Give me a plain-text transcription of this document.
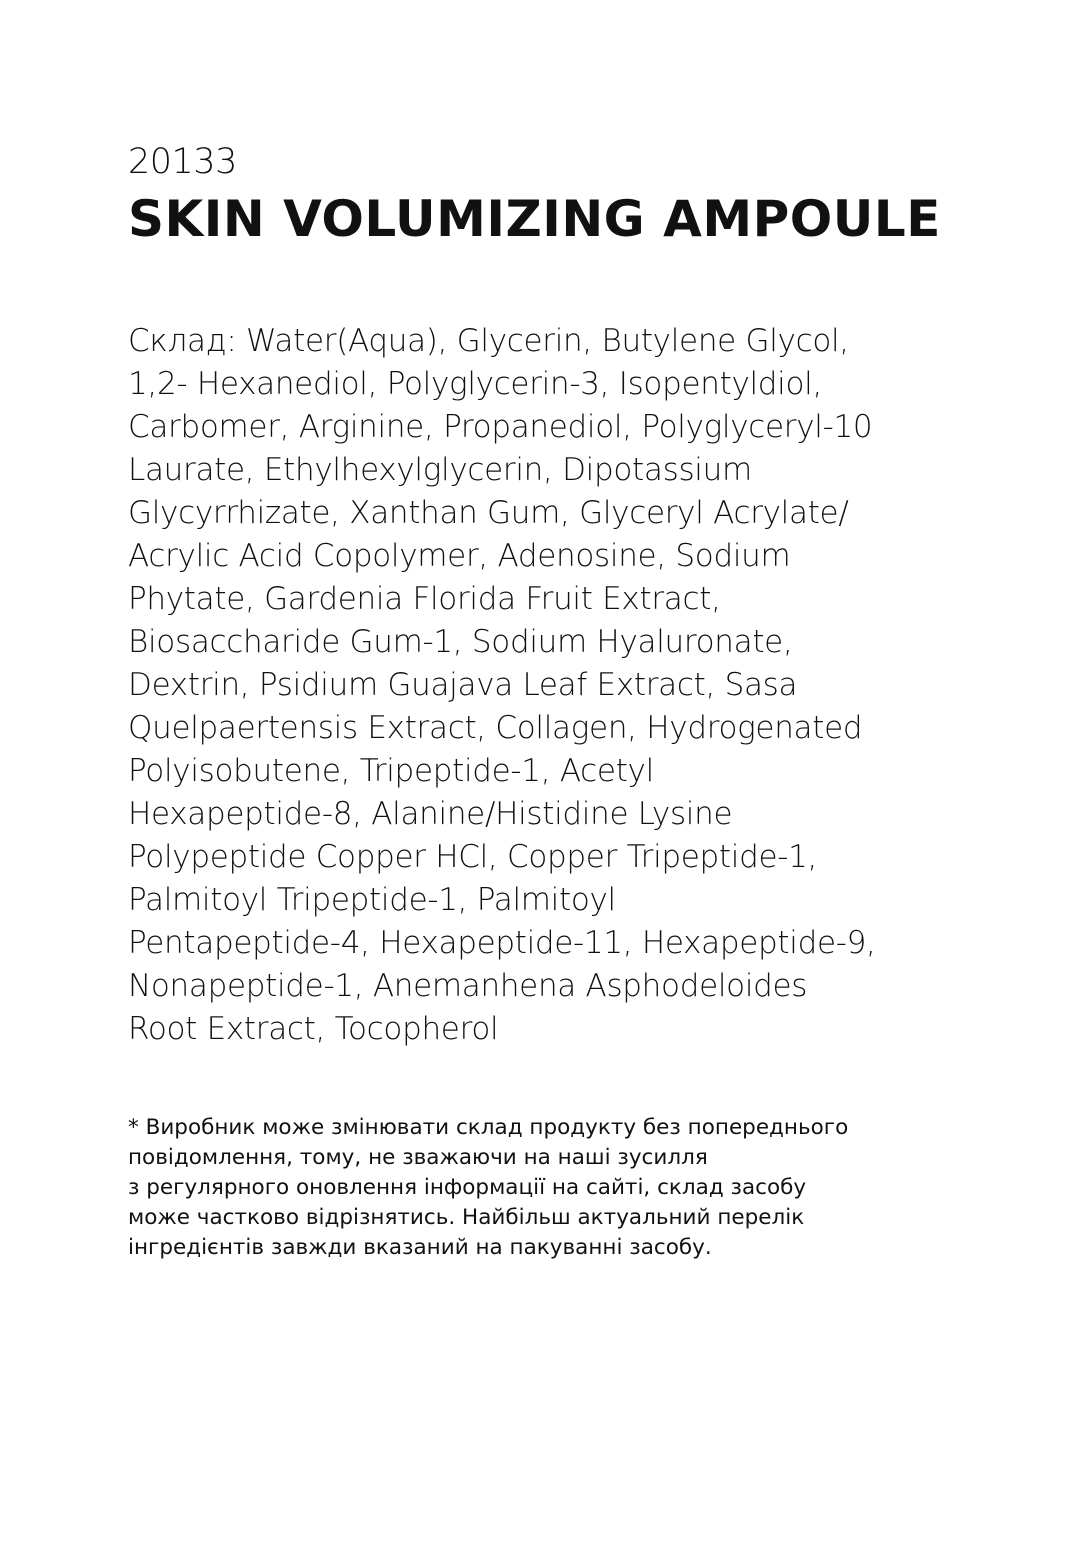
20133
SKIN VOLUMIZING AMPOULE
Склад: Water(Aqua), Glycerin, Butylene Glycol,
1,2- Hexanediol, Polyglycerin-3, Isopentyldiol,
Carbomer, Arginine, Propanediol, Polyglyceryl-10
Laurate, Ethylhexylglycerin, Dipotassium
Glycyrrhizate, Xanthan Gum, Glyceryl Acrylate/
Acrylic Acid Copolymer, Adenosine, Sodium
Phytate, Gardenia Florida Fruit Extract,
Biosaccharide Gum-1, Sodium Hyaluronate,
Dextrin, Psidium Guajava Leaf Extract, Sasa
Quelpaertensis Extract, Collagen, Hydrogenated
Polyisobutene, Tripeptide-1, Acetyl
Hexapeptide-8, Alanine/Histidine Lysine
Polypeptide Copper HCl, Copper Tripeptide-1,
Palmitoyl Tripeptide-1, Palmitoyl
Pentapeptide-4, Hexapeptide-11, Hexapeptide-9,
Nonapeptide-1, Anemanhena Asphodeloides
Root Extract, Tocopherol
* Виробник може змінювати склад продукту без попереднього
повідомлення, тому, не зважаючи на наші зусилля
з регулярного оновлення інформації на сайті, склад засобу
може частково відрізнятись. Найбільш актуальний перелік
інгредієнтів завжди вказаний на пакуванні засобу.
